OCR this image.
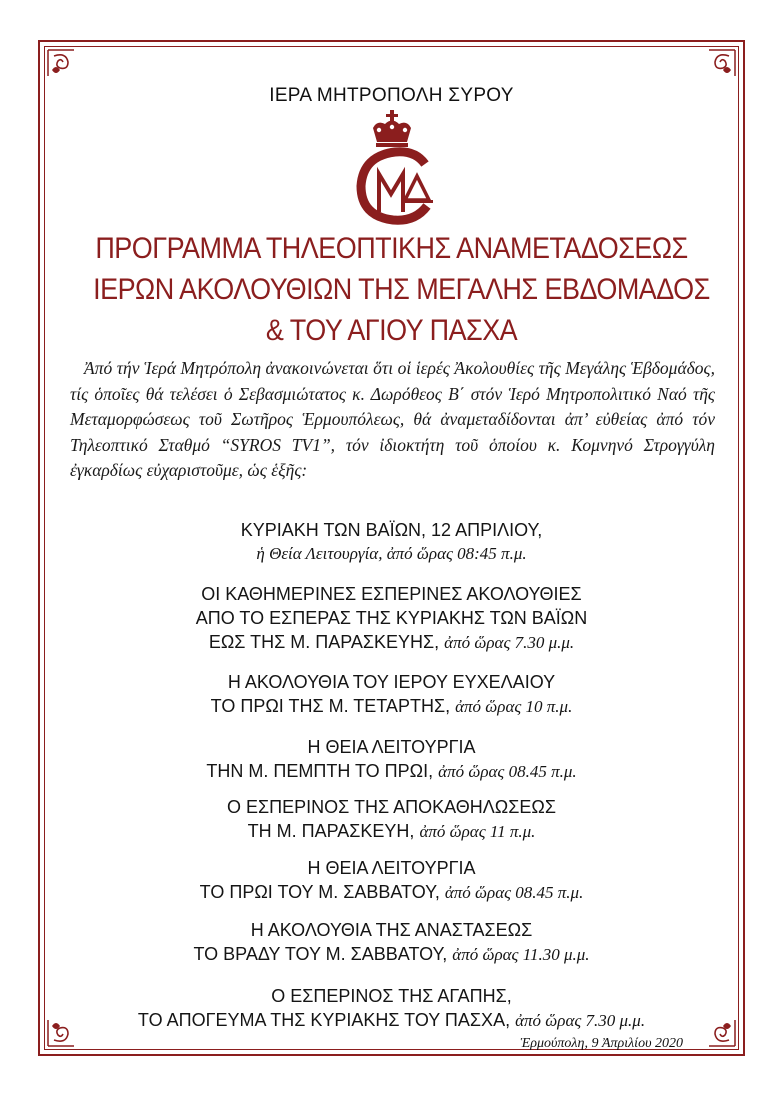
ΙΕΡΑ ΜΗΤΡΟΠΟΛΗ ΣΥΡΟΥ
ΠΡΟΓΡΑΜΜΑ ΤΗΛΕΟΠΤΙΚΗΣ ΑΝΑΜΕΤΑΔΟΣΕΩΣ
ΙΕΡΩΝ ΑΚΟΛΟΥΘΙΩΝ ΤΗΣ ΜΕΓΑΛΗΣ ΕΒΔΟΜΑΔΟΣ
& ΤΟΥ ΑΓΙΟΥ ΠΑΣΧΑ
Ἀπό τήν Ἱερά Μητρόπολη ἀνακοινώνεται ὅτι οἱ ἱερές Ἀκολουθίες τῆς Μεγάλης Ἑβδομάδος, τίς ὁποῖες θά τελέσει ὁ Σεβασμιώτατος κ. Δωρόθεος Β΄ στόν Ἱερό Μητροπολιτικό Ναό τῆς Μεταμορφώσεως τοῦ Σωτῆρος Ἑρμουπόλεως, θά ἀναμεταδίδονται ἀπ’ εὐθείας ἀπό τόν Τηλεοπτικό Σταθμό “SYROS TV1”, τόν ἰδιοκτήτη τοῦ ὁποίου κ. Κομνηνό Στρογγύλη ἐγκαρδίως εὐχαριστοῦμε, ὡς ἑξῆς:
ΚΥΡΙΑΚΗ ΤΩΝ ΒΑΪΩΝ, 12 ΑΠΡΙΛΙΟΥ,
ἡ Θεία Λειτουργία, ἀπό ὥρας 08:45 π.μ.
ΟΙ ΚΑΘΗΜΕΡΙΝΕΣ ΕΣΠΕΡΙΝΕΣ ΑΚΟΛΟΥΘΙΕΣ
ΑΠΟ ΤΟ ΕΣΠΕΡΑΣ ΤΗΣ ΚΥΡΙΑΚΗΣ ΤΩΝ ΒΑΪΩΝ
ΕΩΣ ΤΗΣ Μ. ΠΑΡΑΣΚΕΥΗΣ, ἀπό ὥρας 7.30 μ.μ.
Η ΑΚΟΛΟΥΘΙΑ ΤΟΥ ΙΕΡΟΥ ΕΥΧΕΛΑΙΟΥ
ΤΟ ΠΡΩΙ ΤΗΣ Μ. ΤΕΤΑΡΤΗΣ, ἀπό ὥρας 10 π.μ.
Η ΘΕΙΑ ΛΕΙΤΟΥΡΓΙΑ
ΤΗΝ Μ. ΠΕΜΠΤΗ ΤΟ ΠΡΩΙ, ἀπό ὥρας 08.45 π.μ.
Ο ΕΣΠΕΡΙΝΟΣ ΤΗΣ ΑΠΟΚΑΘΗΛΩΣΕΩΣ
ΤΗ Μ. ΠΑΡΑΣΚΕΥΗ, ἀπό ὥρας 11 π.μ.
Η ΘΕΙΑ ΛΕΙΤΟΥΡΓΙΑ
ΤΟ ΠΡΩΙ ΤΟΥ Μ. ΣΑΒΒΑΤΟΥ, ἀπό ὥρας 08.45 π.μ.
Η ΑΚΟΛΟΥΘΙΑ ΤΗΣ ΑΝΑΣΤΑΣΕΩΣ
ΤΟ ΒΡΑΔΥ ΤΟΥ Μ. ΣΑΒΒΑΤΟΥ, ἀπό ὥρας 11.30 μ.μ.
Ο ΕΣΠΕΡΙΝΟΣ ΤΗΣ ΑΓΑΠΗΣ,
ΤΟ ΑΠΟΓΕΥΜΑ ΤΗΣ ΚΥΡΙΑΚΗΣ ΤΟΥ ΠΑΣΧΑ, ἀπό ὥρας 7.30 μ.μ.
Ἑρμούπολη, 9 Ἀπριλίου 2020
